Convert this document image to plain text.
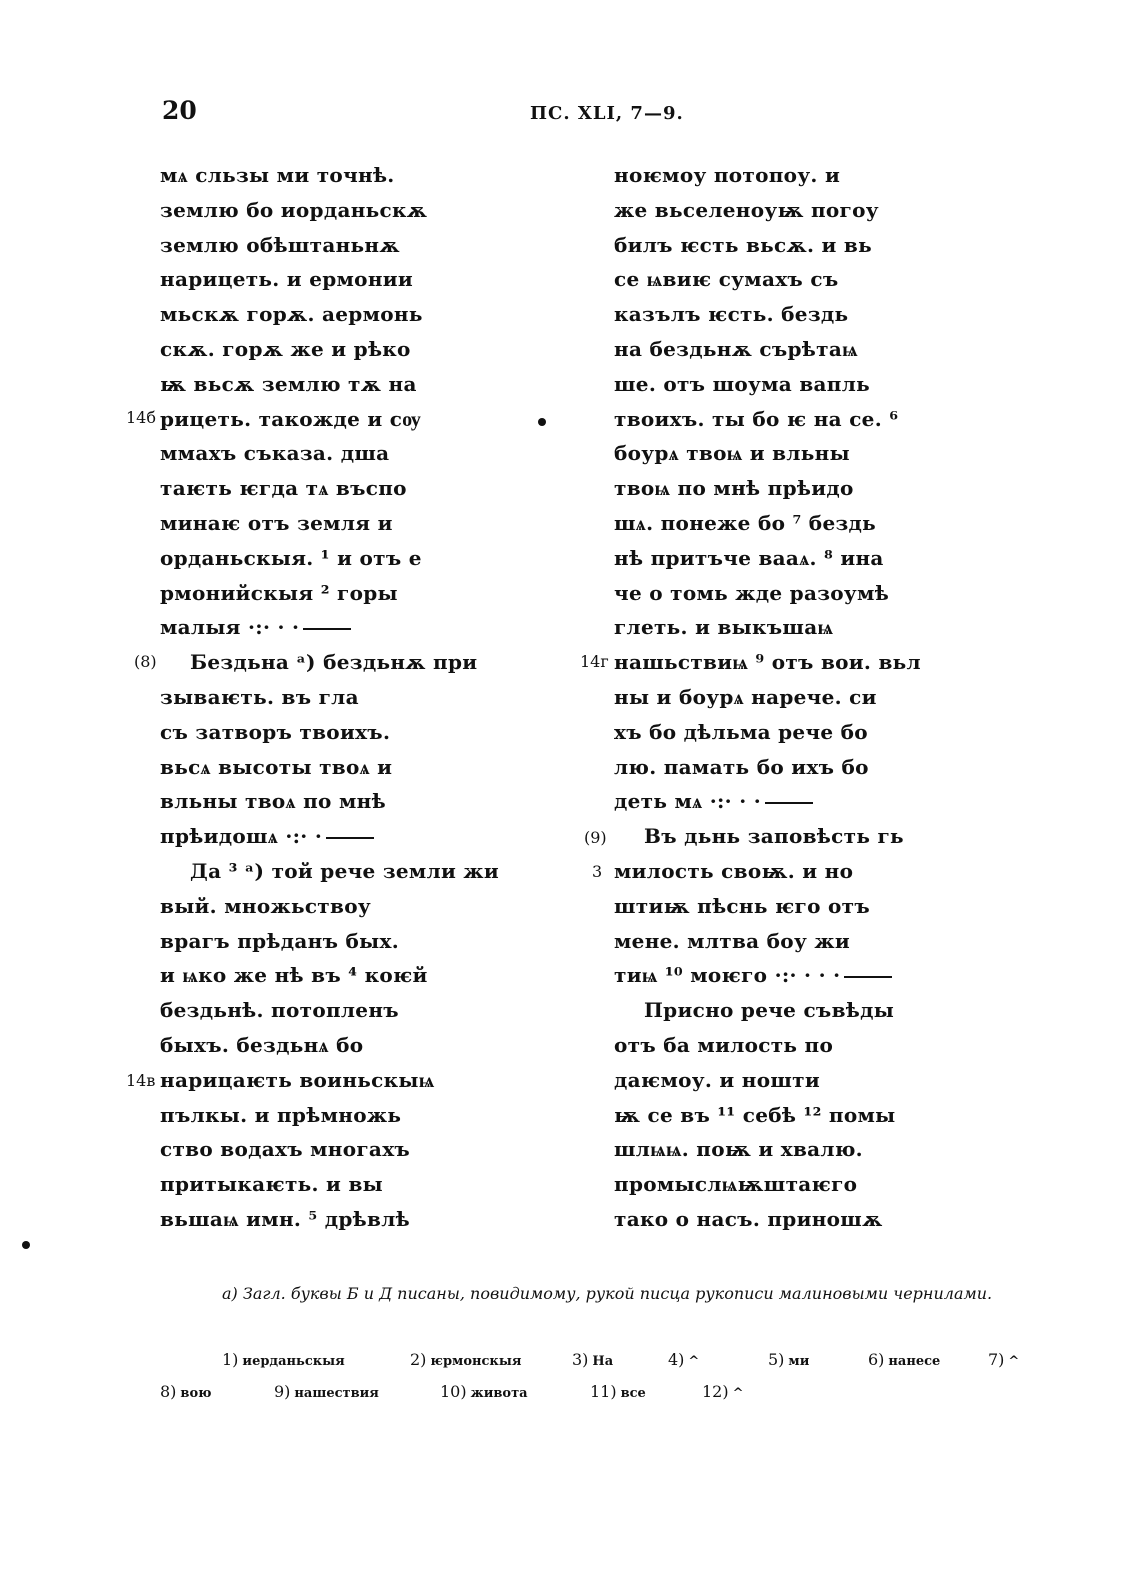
20	ПС. XLI, 7—9.
мѧ сльзы ми точнѣ.
землю бо иорданьскѫ
землю обѣштаньнѫ
нарицеть. и ермонии
мьскѫ горѫ. аермонь
скѫ. горѫ же и рѣко
ѭ вьсѫ землю тѫ на
рицеть. такожде и сѹ
ммахъ съказа. дша
таѥть ѥгда тѧ въспо
минаѥ отъ земля и
орданьскыя. ¹ и отъ е
рмонийскыя ² горы
малыя ·:· · ·
Бездьна ᵃ) бездьнѫ при
зываѥть. въ гла
съ затворъ твоихъ.
вьсѧ высоты твоѧ и
вльны твоѧ по мнѣ
прѣидошѧ ·:· ·
Да ³ ᵃ) той рече земли жи
вый. множьствоу
врагъ прѣданъ бых.
и ѩко же нѣ въ ⁴ коѥй
бездьнѣ. потопленъ
быхъ. бездьнѧ бо
нарицаѥть воиньскыѩ
пълкы. и прѣмножь
ство водахъ многахъ
притыкаѥть. и вы
вьшаѩ имн. ⁵ дрѣвлѣ
ноѥмоу потопоу. и
же вьселеноуѭ погоу
билъ ѥсть вьсѫ. и вь
се ѩвиѥ сумахъ съ
казълъ ѥсть. бездь
на бездьнѫ сърѣтаѩ
ше. отъ шоума вапль
твоихъ. ты бо ѥ на се. ⁶
боурѧ твоѩ и вльны
твоѩ по мнѣ прѣидо
шѧ. понеже бо ⁷ бездь
нѣ притъче вааѧ. ⁸ ина
че о томь жде разоумѣ
глеть. и выкъшаѩ
нашьствиѩ ⁹ отъ вои. вьл
ны и боурѧ нарече. си
хъ бо дѣльма рече бо
лю. памать бо ихъ бо
деть мѧ ·:· · ·
Въ дьнь заповѣсть гь
милость своѭ. и но
штиѭ пѣснь ѥго отъ
мене. млтва боу жи
тиѩ ¹⁰ моѥго ·:· · · ·
Присно рече съвѣды
отъ ба милость по
даѥмоу. и ношти
ѭ се въ ¹¹ себѣ ¹² помы
шлѩѩ. поѭ и хвалю.
промыслѩѭштаѥго
тако о насъ. приношѫ
14б
(8)
14в
14г
(9)
3
а) Загл. буквы Б и Д писаны, повидимому, рукой писца рукописи малиновыми чернилами.
1) иерданьскыя	2) ѥрмонскыя	3) На	4) ^	5) ми	6) нанесе	7) ^
8) вою	9) нашествия	10) живота	11) все	12) ^
